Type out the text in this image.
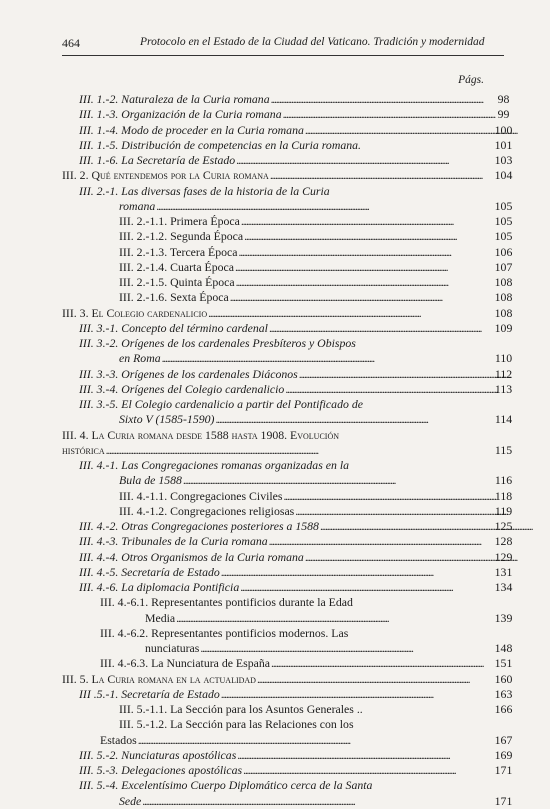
464	Protocolo en el Estado de la Ciudad del Vaticano. Tradición y modernidad
Págs.
III. 1.-2. Naturaleza de la Curia romana . . .	98
III. 1.-3. Organización de la Curia romana . . .	99
III. 1.-4. Modo de proceder en la Curia romana . . .	100
III. 1.-5. Distribución de competencias en la Curia romana.	101
III. 1.-6. La Secretaría de Estado . . .	103
III. 2. Qué entendemos por la Curia romana . . .	104
III. 2.-1. Las diversas fases de la historia de la Curia
romana . . .	105
III. 2.-1.1. Primera Época . . .	105
III. 2.-1.2. Segunda Época . . .	105
III. 2.-1.3. Tercera Época . . .	106
III. 2.-1.4. Cuarta Época . . .	107
III. 2.-1.5. Quinta Época . . .	108
III. 2.-1.6. Sexta Época . . .	108
III. 3. El Colegio cardenalicio . . .	108
III. 3.-1. Concepto del término cardenal . . .	109
III. 3.-2. Orígenes de los cardenales Presbíteros y Obispos
en Roma . . .	110
III. 3.-3. Orígenes de los cardenales Diáconos . . .	112
III. 3.-4. Orígenes del Colegio cardenalicio . . .	113
III. 3.-5. El Colegio cardenalicio a partir del Pontificado de
Sixto V (1585-1590) . . .	114
III. 4. La Curia romana desde 1588 hasta 1908. Evolución
histórica . . .	115
III. 4.-1. Las Congregaciones romanas organizadas en la
Bula de 1588 . . .	116
III. 4.-1.1. Congregaciones Civiles . . .	118
III. 4.-1.2. Congregaciones religiosas . . .	119
III. 4.-2. Otras Congregaciones posteriores a 1588 . . .	125
III. 4.-3. Tribunales de la Curia romana . . .	128
III. 4.-4. Otros Organismos de la Curia romana . . .	129
III. 4.-5. Secretaría de Estado . . .	131
III. 4.-6. La diplomacia Pontificia . . .	134
III. 4.-6.1. Representantes pontificios durante la Edad
Media . . .	139
III. 4.-6.2. Representantes pontificios modernos. Las
nunciaturas . . .	148
III. 4.-6.3. La Nunciatura de España . . .	151
III. 5. La Curia romana en la actualidad . . .	160
III .5.-1. Secretaría de Estado . . .	163
III. 5.-1.1. La Sección para los Asuntos Generales ..	166
III. 5.-1.2. La Sección para las Relaciones con los
Estados . . .	167
III. 5.-2. Nunciaturas apostólicas . . .	169
III. 5.-3. Delegaciones apostólicas . . .	171
III. 5.-4. Excelentísimo Cuerpo Diplomático cerca de la Santa
Sede . . .	171
